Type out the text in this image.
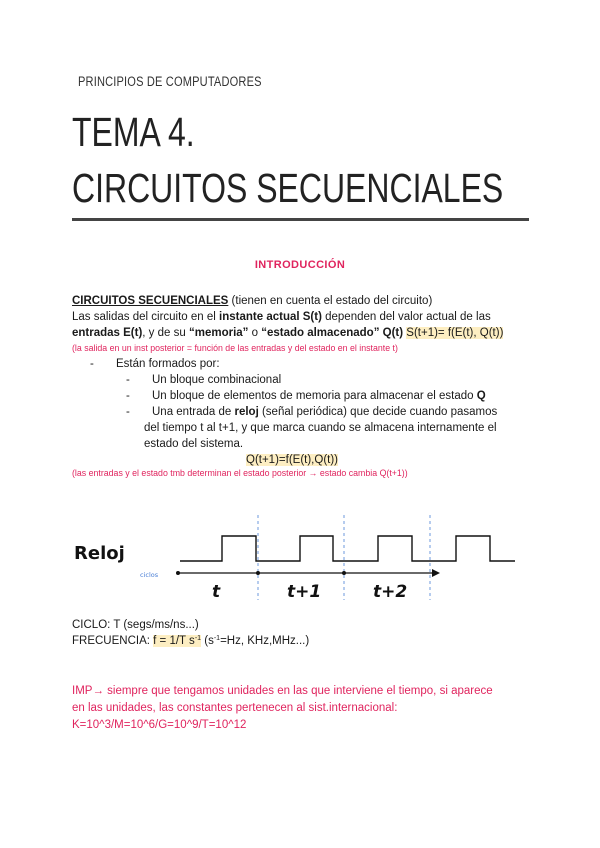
PRINCIPIOS DE COMPUTADORES
TEMA 4.
CIRCUITOS SECUENCIALES
INTRODUCCIÓN
CIRCUITOS SECUENCIALES (tienen en cuenta el estado del circuito)
Las salidas del circuito en el instante actual S(t) dependen del valor actual de las
entradas E(t), y de su “memoria” o “estado almacenado” Q(t) S(t+1)= f(E(t), Q(t))
(la salida en un inst posterior = función de las entradas y del estado en el instante t)
- Están formados por:
- Un bloque combinacional
- Un bloque de elementos de memoria para almacenar el estado Q
- Una entrada de reloj (señal periódica) que decide cuando pasamos
del tiempo t al t+1, y que marca cuando se almacena internamente el
estado del sistema.
Q(t+1)=f(E(t),Q(t))
(las entradas y el estado tmb determinan el estado posterior → estado cambia Q(t+1))
Reloj
ciclos
t	t+1	t+2
CICLO: T (segs/ms/ns...)
FRECUENCIA: f = 1/T $s^{-1}$ ($s^{-1}=Hz$, KHz,MHz...)
IMP→ siempre que tengamos unidades en las que interviene el tiempo, si aparece
en las unidades, las constantes pertenecen al sist.internacional:
K=10^3/M=10^6/G=10^9/T=10^12
